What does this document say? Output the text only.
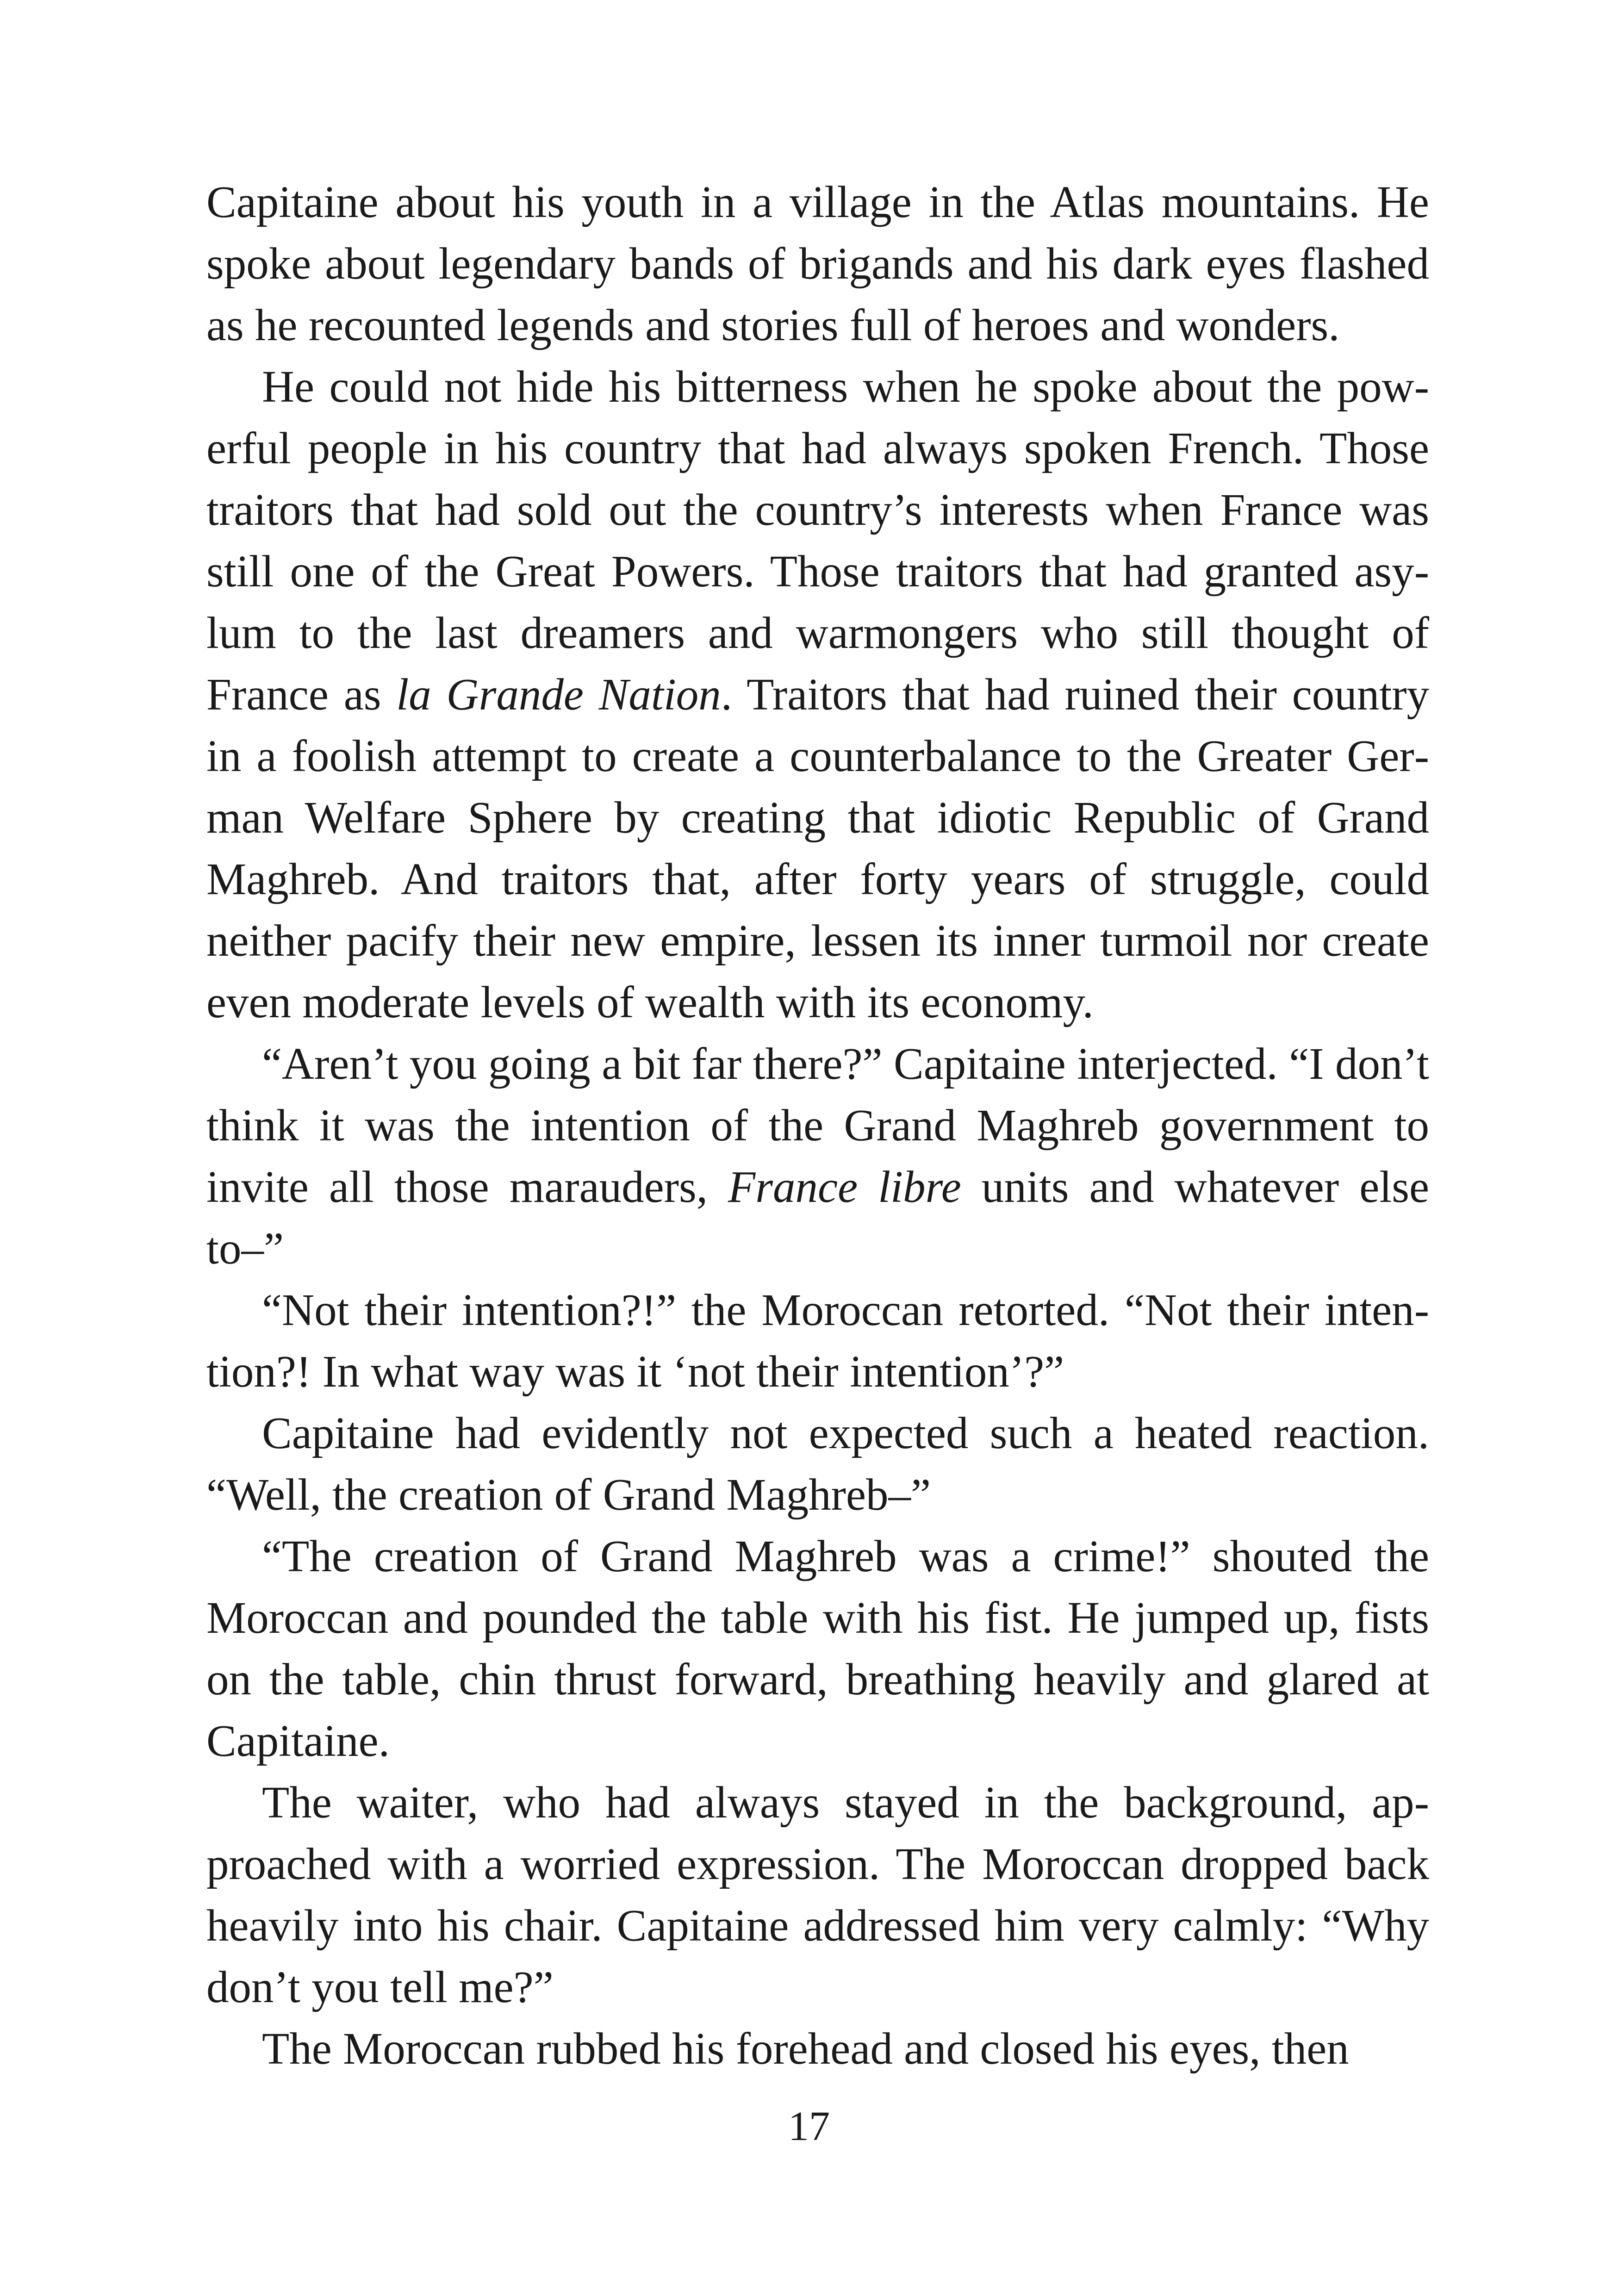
Capitaine about his youth in a village in the Atlas mountains. He spoke about legendary bands of brigands and his dark eyes flashed as he recounted legends and stories full of heroes and wonders.

He could not hide his bitterness when he spoke about the powerful people in his country that had always spoken French. Those traitors that had sold out the country’s interests when France was still one of the Great Powers. Those traitors that had granted asylum to the last dreamers and warmongers who still thought of France as la Grande Nation. Traitors that had ruined their country in a foolish attempt to create a counterbalance to the Greater German Welfare Sphere by creating that idiotic Republic of Grand Maghreb. And traitors that, after forty years of struggle, could neither pacify their new empire, lessen its inner turmoil nor create even moderate levels of wealth with its economy.

“Aren’t you going a bit far there?” Capitaine interjected. “I don’t think it was the intention of the Grand Maghreb government to invite all those marauders, France libre units and whatever else to–”

“Not their intention?!” the Moroccan retorted. “Not their intention?! In what way was it ‘not their intention’?”

Capitaine had evidently not expected such a heated reaction. “Well, the creation of Grand Maghreb–”

“The creation of Grand Maghreb was a crime!” shouted the Moroccan and pounded the table with his fist. He jumped up, fists on the table, chin thrust forward, breathing heavily and glared at Capitaine.

The waiter, who had always stayed in the background, approached with a worried expression. The Moroccan dropped back heavily into his chair. Capitaine addressed him very calmly: “Why don’t you tell me?”

The Moroccan rubbed his forehead and closed his eyes, then

17
